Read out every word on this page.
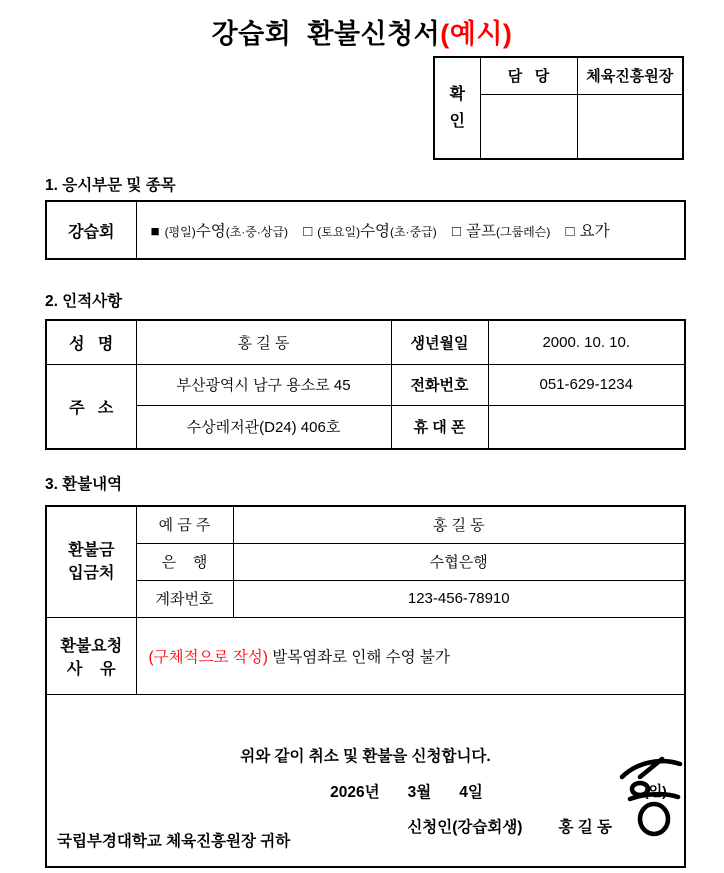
강습회  환불신청서(예시)
확인	담   당	체육진흥원장

1. 응시부문 및 종목
강습회	■ (평일)수영(초·중·상급) □ (토요일)수영(초·중급) □ 골프(그룹레슨) □ 요가
2. 인적사항
성   명	홍 길 동	생년월일	2000. 10. 10.
주   소	부산광역시 남구 용소로 45	전화번호	051-629-1234
	수상레저관(D24) 406호	휴 대 폰	
3. 환불내역
환불금 입금처	예 금 주	홍 길 동
	은    행	수협은행
	계좌번호	123-456-78910

환불요청
사    유	(구체적으로 작성) 발목염좌로 인해 수영 불가	

위와 같이 취소 및 환불을 신청합니다.
2026년 3월 4일
신청인(강습회생) 홍 길 동
(인)
국립부경대학교 체육진흥원장 귀하		
